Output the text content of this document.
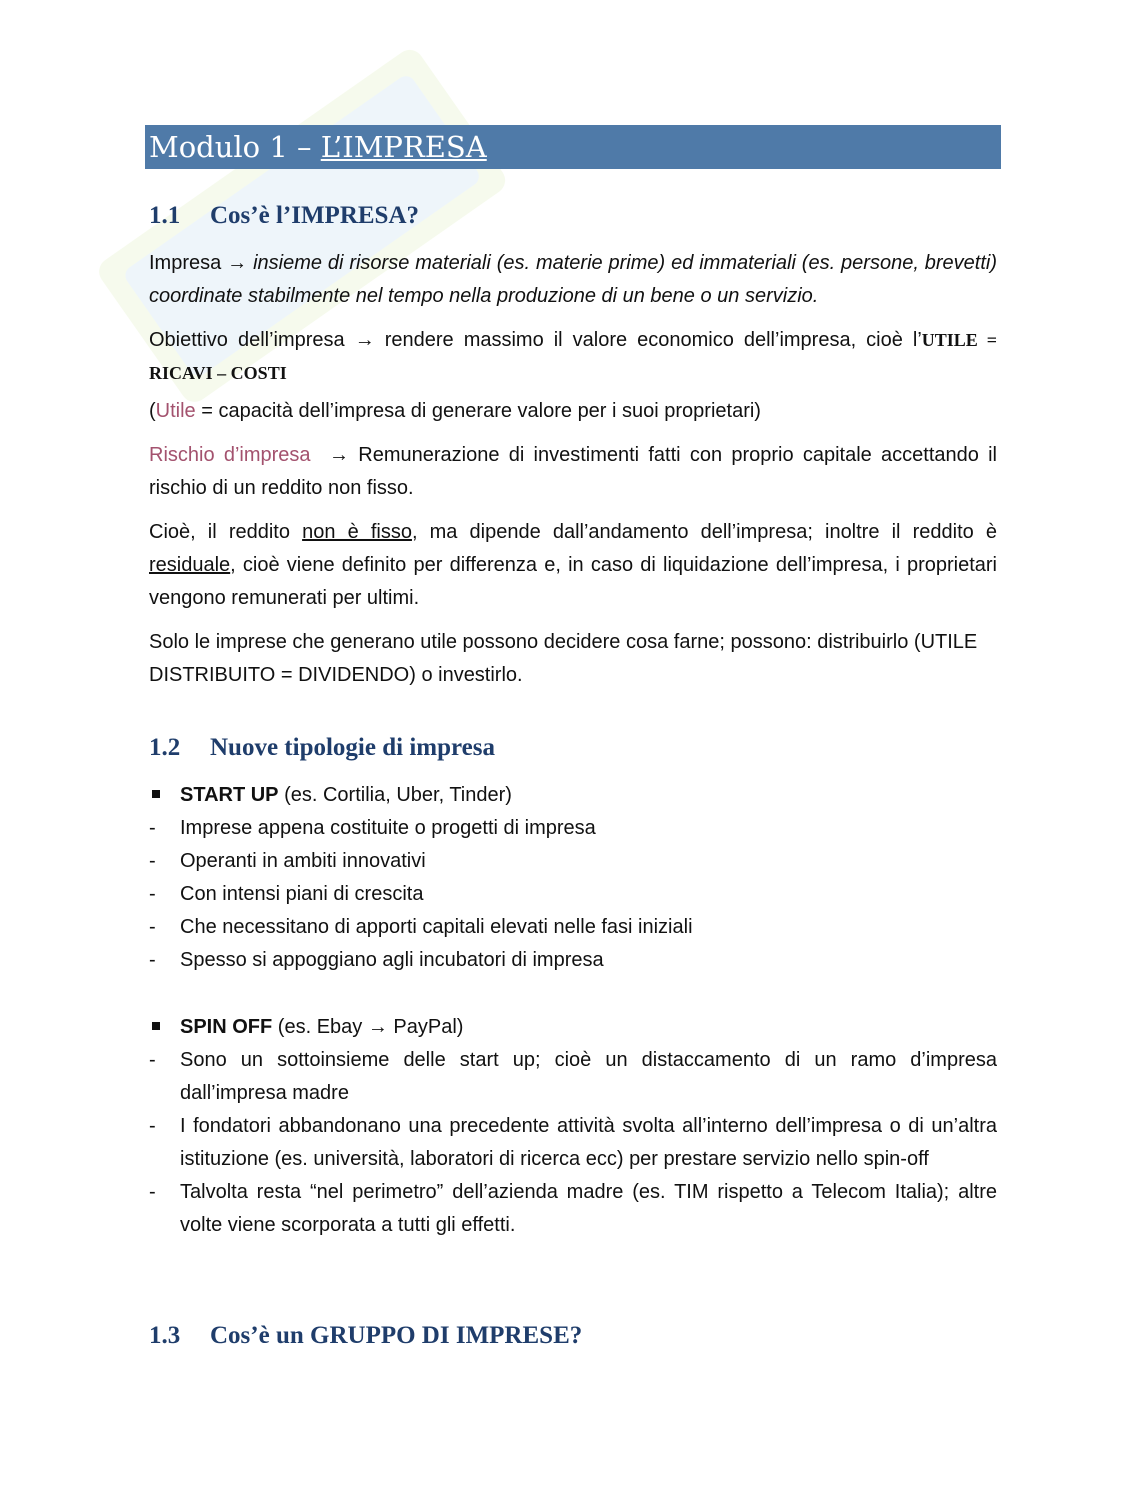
Modulo 1 – L’IMPRESA
1.1 Cos’è l’IMPRESA?
Impresa → insieme di risorse materiali (es. materie prime) ed immateriali (es. persone, brevetti) coordinate stabilmente nel tempo nella produzione di un bene o un servizio.
Obiettivo dell’impresa → rendere massimo il valore economico dell’impresa, cioè l’UTILE = RICAVI – COSTI
(Utile = capacità dell’impresa di generare valore per i suoi proprietari)
Rischio d’impresa → Remunerazione di investimenti fatti con proprio capitale accettando il rischio di un reddito non fisso.
Cioè, il reddito non è fisso, ma dipende dall’andamento dell’impresa; inoltre il reddito è residuale, cioè viene definito per differenza e, in caso di liquidazione dell’impresa, i proprietari vengono remunerati per ultimi.
Solo le imprese che generano utile possono decidere cosa farne; possono: distribuirlo (UTILE DISTRIBUITO = DIVIDENDO) o investirlo.
1.2 Nuove tipologie di impresa
START UP (es. Cortilia, Uber, Tinder)
-	Imprese appena costituite o progetti di impresa
-	Operanti in ambiti innovativi
-	Con intensi piani di crescita
-	Che necessitano di apporti capitali elevati nelle fasi iniziali
-	Spesso si appoggiano agli incubatori di impresa
SPIN OFF (es. Ebay → PayPal)
-	Sono un sottoinsieme delle start up; cioè un distaccamento di un ramo d’impresa dall’impresa madre
-	I fondatori abbandonano una precedente attività svolta all’interno dell’impresa o di un’altra istituzione (es. università, laboratori di ricerca ecc) per prestare servizio nello spin-off
-	Talvolta resta “nel perimetro” dell’azienda madre (es. TIM rispetto a Telecom Italia); altre volte viene scorporata a tutti gli effetti.
1.3 Cos’è un GRUPPO DI IMPRESE?
